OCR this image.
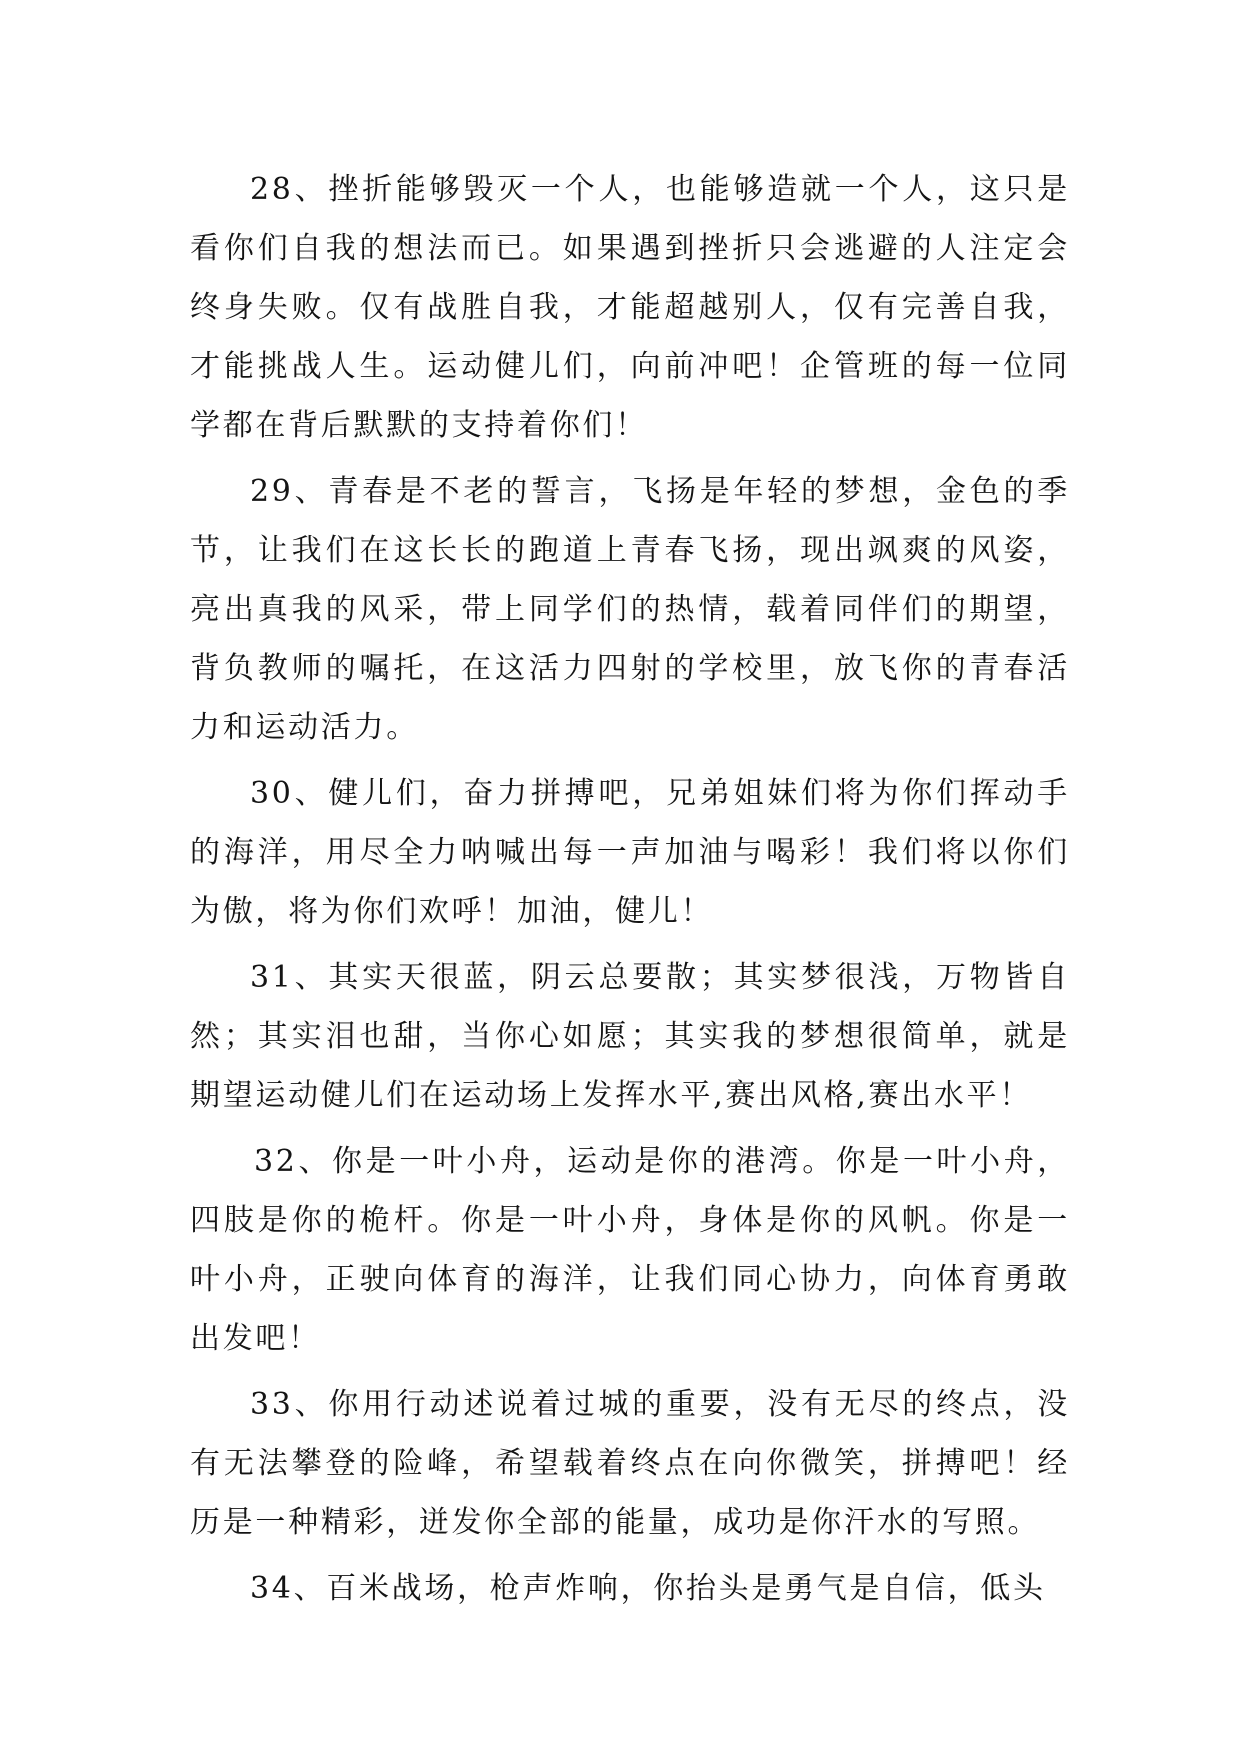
28、挫折能够毁灭一个人，也能够造就一个人，这只是看你们自我的想法而已。如果遇到挫折只会逃避的人注定会终身失败。仅有战胜自我，才能超越别人，仅有完善自我，才能挑战人生。运动健儿们，向前冲吧！企管班的每一位同学都在背后默默的支持着你们！

29、青春是不老的誓言，飞扬是年轻的梦想，金色的季节，让我们在这长长的跑道上青春飞扬，现出飒爽的风姿，亮出真我的风采，带上同学们的热情，载着同伴们的期望，背负教师的嘱托，在这活力四射的学校里，放飞你的青春活力和运动活力。

30、健儿们，奋力拼搏吧，兄弟姐妹们将为你们挥动手的海洋，用尽全力呐喊出每一声加油与喝彩！我们将以你们为傲，将为你们欢呼！加油，健儿！

31、其实天很蓝，阴云总要散；其实梦很浅，万物皆自然；其实泪也甜，当你心如愿；其实我的梦想很简单，就是期望运动健儿们在运动场上发挥水平,赛出风格,赛出水平！

32、你是一叶小舟，运动是你的港湾。你是一叶小舟，四肢是你的桅杆。你是一叶小舟，身体是你的风帆。你是一叶小舟，正驶向体育的海洋，让我们同心协力，向体育勇敢出发吧！

33、你用行动述说着过城的重要，没有无尽的终点，没有无法攀登的险峰，希望载着终点在向你微笑，拼搏吧！经历是一种精彩，迸发你全部的能量，成功是你汗水的写照。

34、百米战场，枪声炸响，你抬头是勇气是自信，低头
